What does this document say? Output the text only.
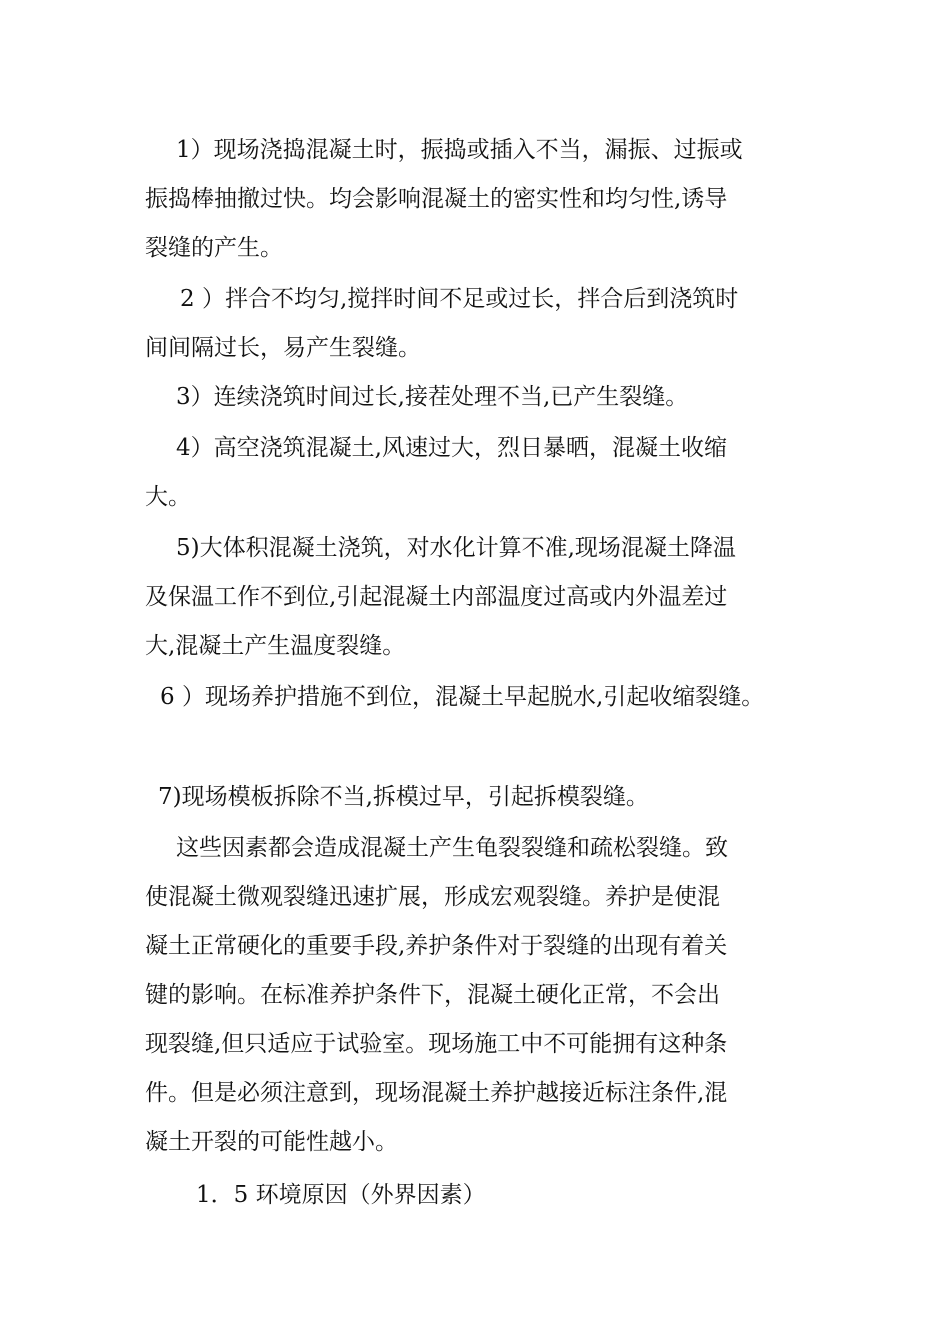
1）现场浇捣混凝土时，振捣或插入不当，漏振、过振或
振捣棒抽撤过快。均会影响混凝土的密实性和均匀性,诱导
裂缝的产生。
2 ）拌合不均匀,搅拌时间不足或过长，拌合后到浇筑时
间间隔过长，易产生裂缝。
3）连续浇筑时间过长,接茬处理不当,已产生裂缝。
4）高空浇筑混凝土,风速过大，烈日暴晒，混凝土收缩
大。
5)大体积混凝土浇筑，对水化计算不准,现场混凝土降温
及保温工作不到位,引起混凝土内部温度过高或内外温差过
大,混凝土产生温度裂缝。
6 ）现场养护措施不到位，混凝土早起脱水,引起收缩裂缝。
7)现场模板拆除不当,拆模过早，引起拆模裂缝。
这些因素都会造成混凝土产生龟裂裂缝和疏松裂缝。致
使混凝土微观裂缝迅速扩展，形成宏观裂缝。养护是使混
凝土正常硬化的重要手段,养护条件对于裂缝的出现有着关
键的影响。在标准养护条件下，混凝土硬化正常，不会出
现裂缝,但只适应于试验室。现场施工中不可能拥有这种条
件。但是必须注意到，现场混凝土养护越接近标注条件,混
凝土开裂的可能性越小。
1．5 环境原因（外界因素）
